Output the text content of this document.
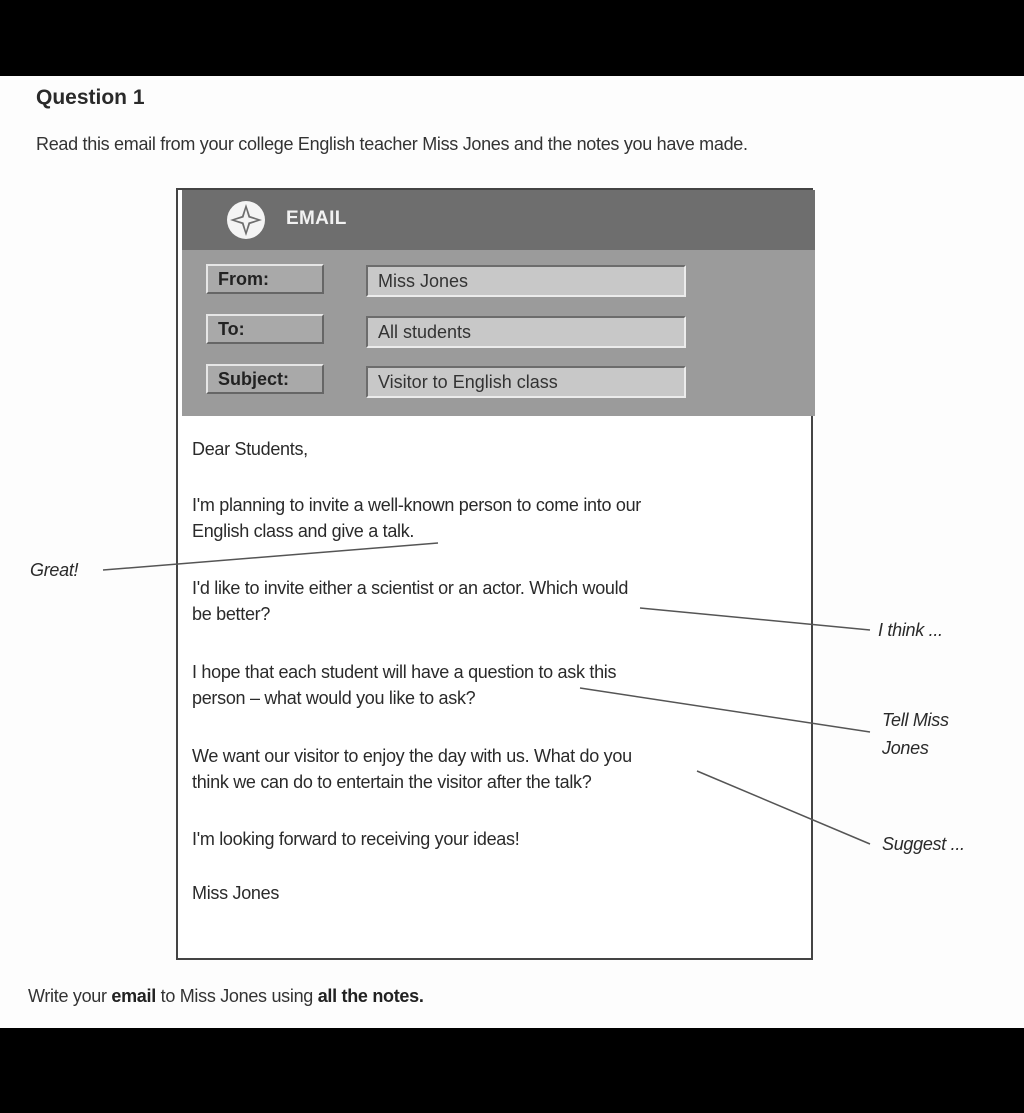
Question 1
Read this email from your college English teacher Miss Jones and the notes you have made.
EMAIL
From:	Miss Jones
To:	All students
Subject:	Visitor to English class
Dear Students,
I'm planning to invite a well-known person to come into our
English class and give a talk.
I'd like to invite either a scientist or an actor. Which would
be better?
I hope that each student will have a question to ask this
person – what would you like to ask?
We want our visitor to enjoy the day with us. What do you
think we can do to entertain the visitor after the talk?
I'm looking forward to receiving your ideas!
Miss Jones
Great!
I think ...
Tell Miss
Jones
Suggest ...
Write your email to Miss Jones using all the notes.
